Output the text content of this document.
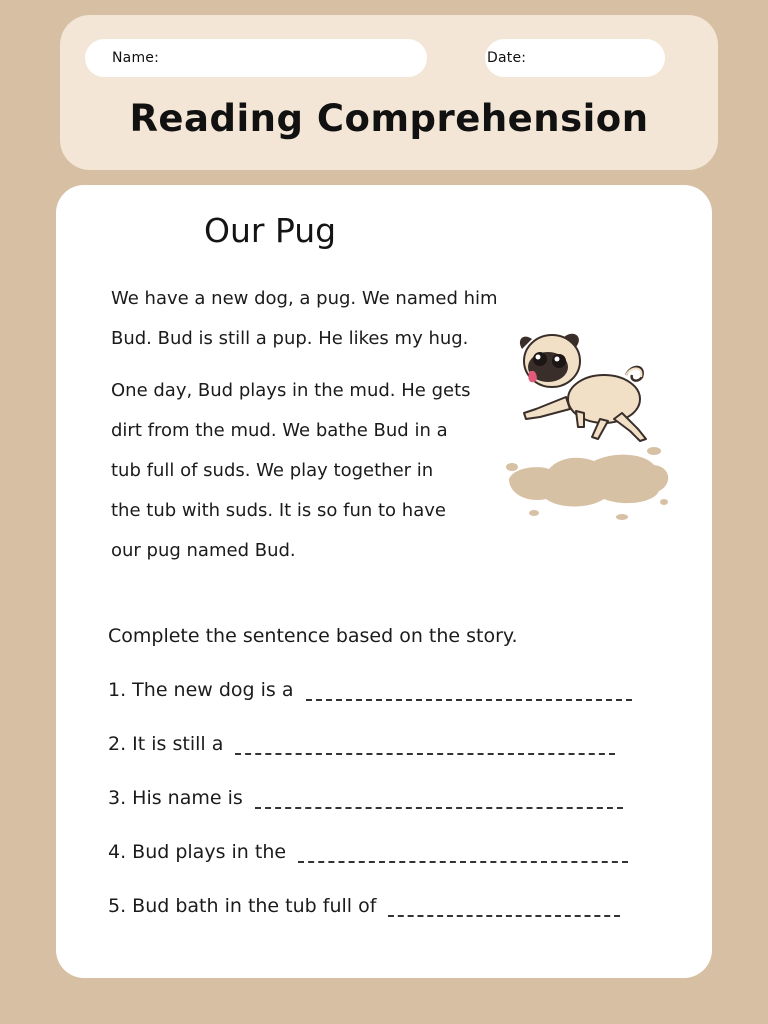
Name:	Date:
Reading Comprehension
Our Pug

We have a new dog, a pug. We named him
Bud. Bud is still a pup. He likes my hug.

One day, Bud plays in the mud. He gets
dirt from the mud. We bathe Bud in a
tub full of suds. We play together in
the tub with suds. It is so fun to have
our pug named Bud.

Complete the sentence based on the story.
1. The new dog is a
2. It is still a
3. His name is
4. Bud plays in the
5. Bud bath in the tub full of
